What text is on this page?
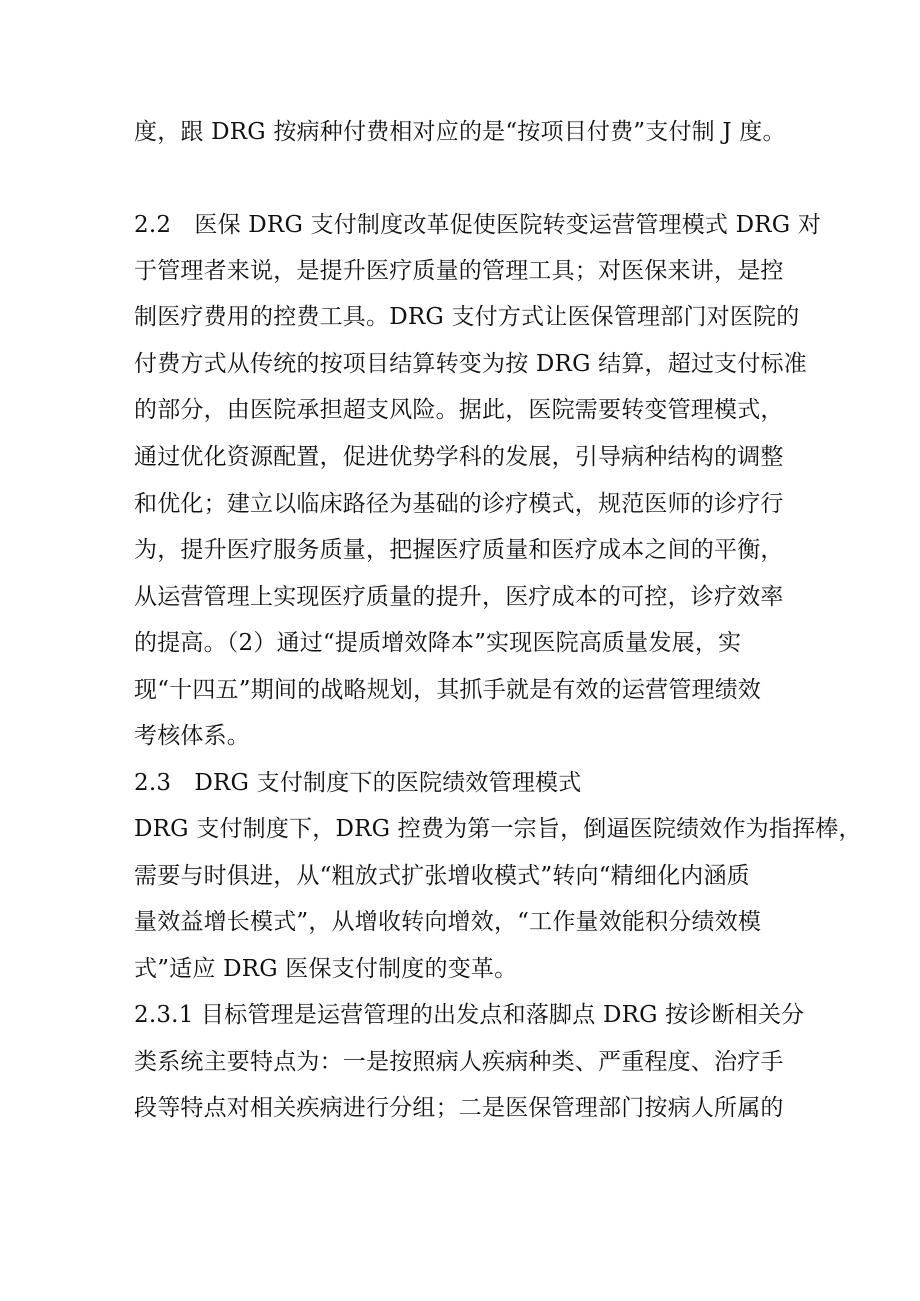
度，跟 DRG 按病种付费相对应的是“按项目付费”支付制 J 度。
2.2　医保 DRG 支付制度改革促使医院转变运营管理模式 DRG 对
于管理者来说，是提升医疗质量的管理工具；对医保来讲，是控
制医疗费用的控费工具。DRG 支付方式让医保管理部门对医院的
付费方式从传统的按项目结算转变为按 DRG 结算，超过支付标准
的部分，由医院承担超支风险。据此，医院需要转变管理模式，
通过优化资源配置，促进优势学科的发展，引导病种结构的调整
和优化；建立以临床路径为基础的诊疗模式，规范医师的诊疗行
为，提升医疗服务质量，把握医疗质量和医疗成本之间的平衡，
从运营管理上实现医疗质量的提升，医疗成本的可控，诊疗效率
的提高。（2）通过“提质增效降本”实现医院高质量发展，实
现“十四五”期间的战略规划，其抓手就是有效的运营管理绩效
考核体系。
2.3　DRG 支付制度下的医院绩效管理模式
DRG 支付制度下，DRG 控费为第一宗旨，倒逼医院绩效作为指挥棒，
需要与时俱进，从“粗放式扩张增收模式”转向“精细化内涵质
量效益增长模式”，从增收转向增效，“工作量效能积分绩效模
式”适应 DRG 医保支付制度的变革。
2.3.1 目标管理是运营管理的出发点和落脚点 DRG 按诊断相关分
类系统主要特点为：一是按照病人疾病种类、严重程度、治疗手
段等特点对相关疾病进行分组；二是医保管理部门按病人所属的
